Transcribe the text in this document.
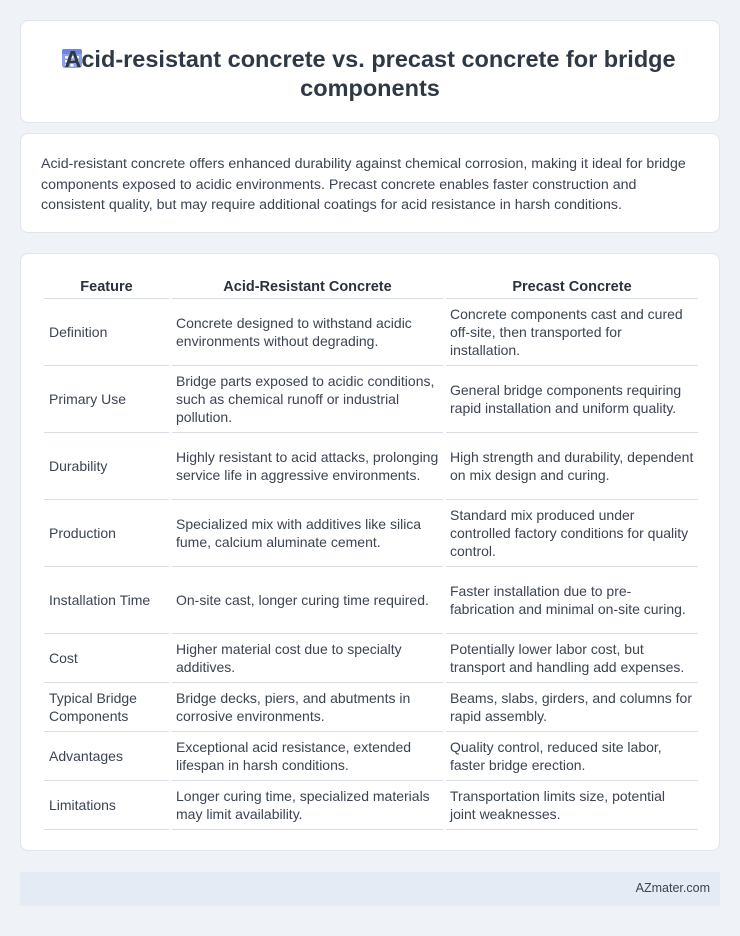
Acid-resistant concrete vs. precast concrete for bridge components

Acid-resistant concrete offers enhanced durability against chemical corrosion, making it ideal for bridge components exposed to acidic environments. Precast concrete enables faster construction and consistent quality, but may require additional coatings for acid resistance in harsh conditions.

Feature	Acid-Resistant Concrete	Precast Concrete
Definition	Concrete designed to withstand acidic environments without degrading.	Concrete components cast and cured off-site, then transported for installation.
Primary Use	Bridge parts exposed to acidic conditions, such as chemical runoff or industrial pollution.	General bridge components requiring rapid installation and uniform quality.
Durability	Highly resistant to acid attacks, prolonging service life in aggressive environments.	High strength and durability, dependent on mix design and curing.
Production	Specialized mix with additives like silica fume, calcium aluminate cement.	Standard mix produced under controlled factory conditions for quality control.
Installation Time	On-site cast, longer curing time required.	Faster installation due to pre-fabrication and minimal on-site curing.
Cost	Higher material cost due to specialty additives.	Potentially lower labor cost, but transport and handling add expenses.
Typical Bridge Components	Bridge decks, piers, and abutments in corrosive environments.	Beams, slabs, girders, and columns for rapid assembly.
Advantages	Exceptional acid resistance, extended lifespan in harsh conditions.	Quality control, reduced site labor, faster bridge erection.
Limitations	Longer curing time, specialized materials may limit availability.	Transportation limits size, potential joint weaknesses.
AZmater.com
